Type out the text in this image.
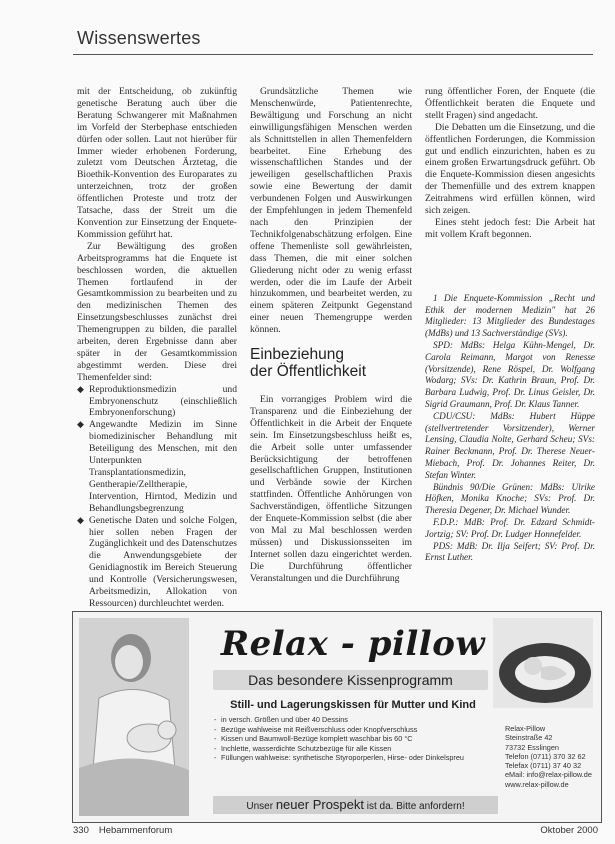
Wissenswertes

mit der Entscheidung, ob zukünftig genetische Beratung auch über die Beratung Schwangerer mit Maßnahmen im Vorfeld der Sterbephase entschieden dürfen oder sollen. Laut not hierüber für Immer wieder erhobenen Forderung, zuletzt vom Deutschen Ärztetag, die Bioethik-Konvention des Europarates zu unterzeichnen, trotz der großen öffentlichen Proteste und trotz der Tatsache, dass der Streit um die Konvention zur Einsetzung der Enquete-Kommission geführt hat.

Zur Bewältigung des großen Arbeitsprogramms hat die Enquete ist beschlossen worden, die aktuellen Themen fortlaufend in der Gesamtkommission zu bearbeiten und zu den medizinischen Themen des Einsetzungsbeschlusses zunächst drei Themengruppen zu bilden, die parallel arbeiten, deren Ergebnisse dann aber später in der Gesamtkommission abgestimmt werden. Diese drei Themenfelder sind:

◆ Reproduktionsmedizin und Embryonenschutz (einschließlich Embryonenforschung)
◆ Angewandte Medizin im Sinne biomedizinischer Behandlung mit Beteiligung des Menschen, mit den Unterpunkten Transplantationsmedizin, Gentherapie/Zelltherapie, Intervention, Hirntod, Medizin und Behandlungsbegrenzung
◆ Genetische Daten und solche Folgen, hier sollen neben Fragen der Zugänglichkeit und des Datenschutzes die Anwendungsgebiete der Genidiagnostik im Bereich Steuerung und Kontrolle (Versicherungswesen, Arbeitsmedizin, Allokation von Ressourcen) durchleuchtet werden.

Grundsätzliche Themen wie Menschenwürde, Patientenrechte, Bewältigung und Forschung an nicht einwilligungsfähigen Menschen werden als Schnittstellen in allen Themenfeldern bearbeitet. Eine Erhebung des wissenschaftlichen Standes und der jeweiligen gesellschaftlichen Praxis sowie eine Bewertung der damit verbundenen Folgen und Auswirkungen der Empfehlungen in jedem Themenfeld nach den Prinzipien der Technikfolgenabschätzung erfolgen. Eine offene Themenliste soll gewährleisten, dass Themen, die mit einer solchen Gliederung nicht oder zu wenig erfasst werden, oder die im Laufe der Arbeit hinzukommen, und bearbeitet werden, zu einem späteren Zeitpunkt Gegenstand einer neuen Themengruppe werden können.

Einbeziehung
der Öffentlichkeit

Ein vorrangiges Problem wird die Transparenz und die Einbeziehung der Öffentlichkeit in die Arbeit der Enquete sein. Im Einsetzungsbeschluss heißt es, die Arbeit solle unter umfassender Berücksichtigung der betroffenen gesellschaftlichen Gruppen, Institutionen und Verbände sowie der Kirchen stattfinden. Öffentliche Anhörungen von Sachverständigen, öffentliche Sitzungen der Enquete-Kommission selbst (die aber von Mal zu Mal beschlossen werden müssen) und Diskussionsseiten im Internet sollen dazu eingerichtet werden. Die Durchführung öffentlicher Veranstaltungen und die Durchführung

rung öffentlicher Foren, der Enquete (die Öffentlichkeit beraten die Enquete und stellt Fragen) sind angedacht.

Die Debatten um die Einsetzung, und die öffentlichen Forderungen, die Kommission gut und endlich einzurichten, haben es zu einem großen Erwartungsdruck geführt. Ob die Enquete-Kommission diesen angesichts der Themenfülle und des extrem knappen Zeitrahmens wird erfüllen können, wird sich zeigen.

Eines steht jedoch fest: Die Arbeit hat mit vollem Kraft begonnen.

1 Die Enquete-Kommission „Recht und Ethik der modernen Medizin" hat 26 Mitglieder: 13 Mitglieder des Bundestages (MdBs) und 13 Sachverständige (SVs).

SPD: MdBs: Helga Kühn-Mengel, Dr. Carola Reimann, Margot von Renesse (Vorsitzende), Rene Röspel, Dr. Wolfgang Wodarg; SVs: Dr. Kathrin Braun, Prof. Dr. Barbara Ludwig, Prof. Dr. Linus Geisler, Dr. Sigrid Graumann, Prof. Dr. Klaus Tanner.

CDU/CSU: MdBs: Hubert Hüppe (stellvertretender Vorsitzender), Werner Lensing, Claudia Nolte, Gerhard Scheu; SVs: Rainer Beckmann, Prof. Dr. Therese Neuer-Miebach, Prof. Dr. Johannes Reiter, Dr. Stefan Winter.

Bündnis 90/Die Grünen: MdBs: Ulrike Höfken, Monika Knoche; SVs: Prof. Dr. Theresia Degener, Dr. Michael Wunder.

F.D.P.: MdB: Prof. Dr. Edzard Schmidt-Jortzig; SV: Prof. Dr. Ludger Honnefelder.

PDS: MdB: Dr. Ilja Seifert; SV: Prof. Dr. Ernst Luther.

Relax - pillow
Das besondere Kissenprogramm
Still- und Lagerungskissen für Mutter und Kind
- in versch. Größen und über 40 Dessins
- Bezüge wahlweise mit Reißverschluss oder Knopfverschluss
- Kissen und Baumwoll-Bezüge komplett waschbar bis 60 °C
- Inchlette, wasserdichte Schutzbezüge für alle Kissen
- Füllungen wahlweise: synthetische Styroporperlen, Hirse- oder Dinkelspreu
Relax-Pillow
Steinstraße 42
73732 Esslingen
Telefon (0711) 370 32 62
Telefax (0711) 37 40 32
eMail: info@relax-pillow.de
www.relax-pillow.de
Unser neuer Prospekt ist da. Bitte anfordern!
330 Hebammenforum	Oktober 2000
